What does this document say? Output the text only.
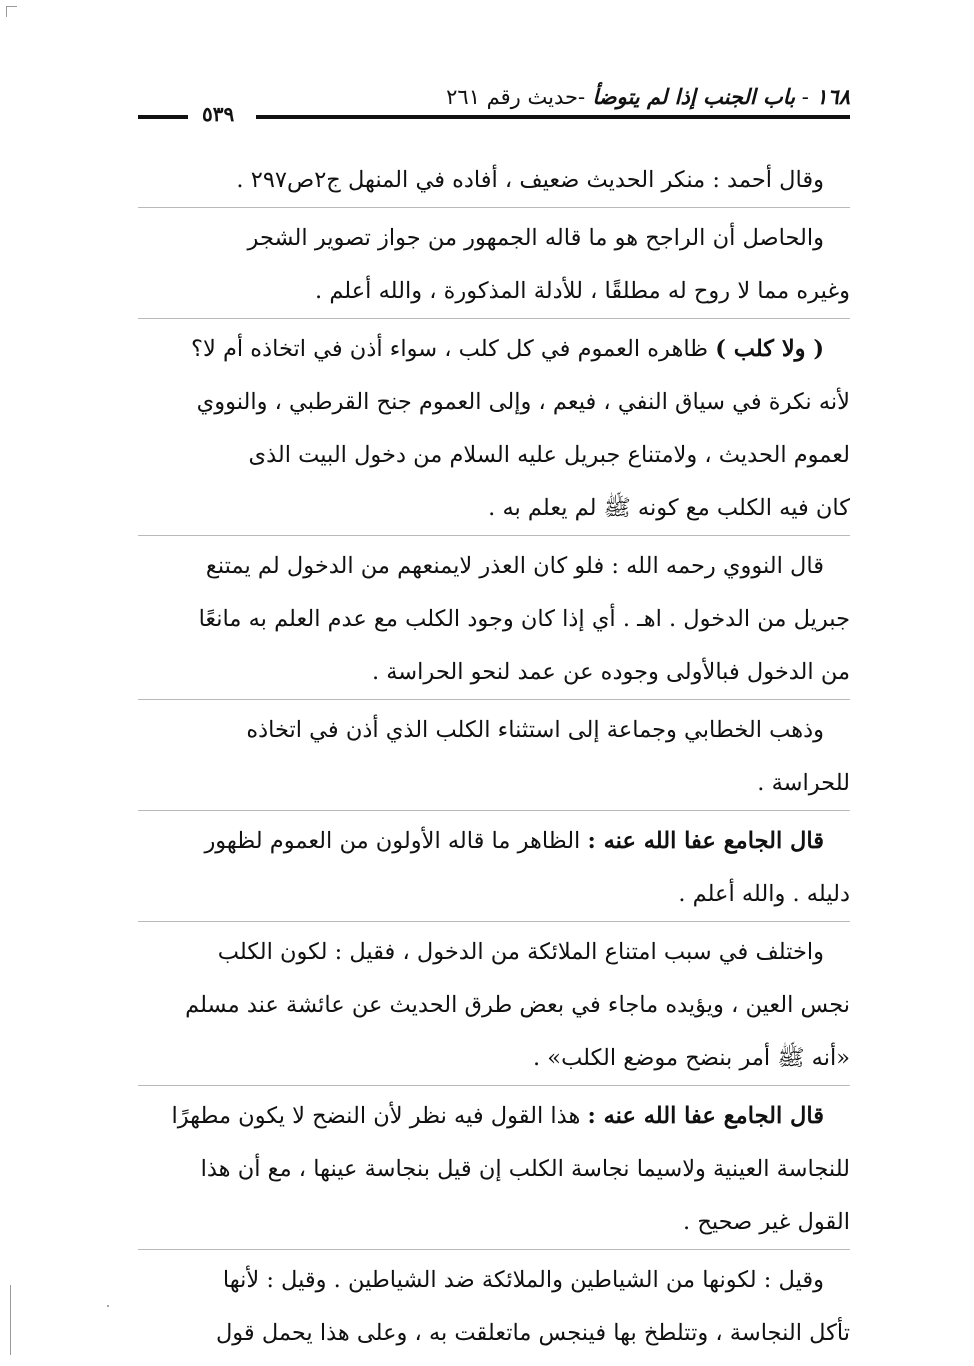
١٦٨ - باب الجنب إذا لم يتوضأ -حديث رقم ٢٦١
٥٣٩
وقال أحمد : منكر الحديث ضعيف ، أفاده في المنهل ج٢ص٢٩٧ .
والحاصل أن الراجح هو ما قاله الجمهور من جواز تصوير الشجر
وغيره مما لا روح له مطلقًا ، للأدلة المذكورة ، والله أعلم .
( ولا كلب ) ظاهره العموم في كل كلب ، سواء أذن في اتخاذه أم لا؟
لأنه نكرة في سياق النفي ، فيعم ، وإلى العموم جنح القرطبي ، والنووي
لعموم الحديث ، ولامتناع جبريل عليه السلام من دخول البيت الذى
كان فيه الكلب مع كونه ﷺ لم يعلم به .
قال النووي رحمه الله : فلو كان العذر لايمنعهم من الدخول لم يمتنع
جبريل من الدخول . اهـ . أي إذا كان وجود الكلب مع عدم العلم به مانعًا
من الدخول فبالأولى وجوده عن عمد لنحو الحراسة .
وذهب الخطابي وجماعة إلى استثناء الكلب الذي أذن في اتخاذه
للحراسة .
قال الجامع عفا الله عنه : الظاهر ما قاله الأولون من العموم لظهور
دليله . والله أعلم .
واختلف في سبب امتناع الملائكة من الدخول ، فقيل : لكون الكلب
نجس العين ، ويؤيده ماجاء في بعض طرق الحديث عن عائشة عند مسلم
«أنه ﷺ أمر بنضح موضع الكلب» .
قال الجامع عفا الله عنه : هذا القول فيه نظر لأن النضح لا يكون مطهرًا
للنجاسة العينية ولاسيما نجاسة الكلب إن قيل بنجاسة عينها ، مع أن هذا
القول غير صحيح .
وقيل : لكونها من الشياطين والملائكة ضد الشياطين . وقيل : لأنها
تأكل النجاسة ، وتتلطخ بها فينجس ماتعلقت به ، وعلى هذا يحمل قول
